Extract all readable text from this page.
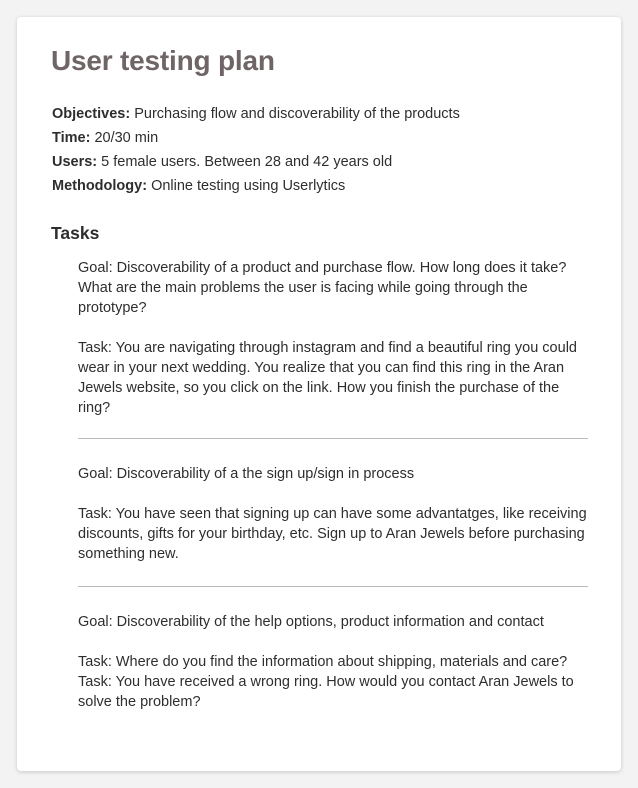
User testing plan
Objectives: Purchasing flow and discoverability of the products
Time: 20/30 min
Users: 5 female users. Between 28 and 42 years old
Methodology: Online testing using Userlytics
Tasks

Goal: Discoverability of a product and purchase flow. How long does it take? What are the main problems the user is facing while going through the prototype?

Task: You are navigating through instagram and find a beautiful ring you could wear in your next wedding. You realize that you can find this ring in the Aran Jewels website, so you click on the link. How you finish the purchase of the ring?

Goal: Discoverability of a the sign up/sign in process

Task: You have seen that signing up can have some advantatges, like receiving discounts, gifts for your birthday, etc. Sign up to Aran Jewels before purchasing something new.

Goal: Discoverability of the help options, product information and contact

Task: Where do you find the information about shipping, materials and care?

Task: You have received a wrong ring. How would you contact Aran Jewels to solve the problem?
